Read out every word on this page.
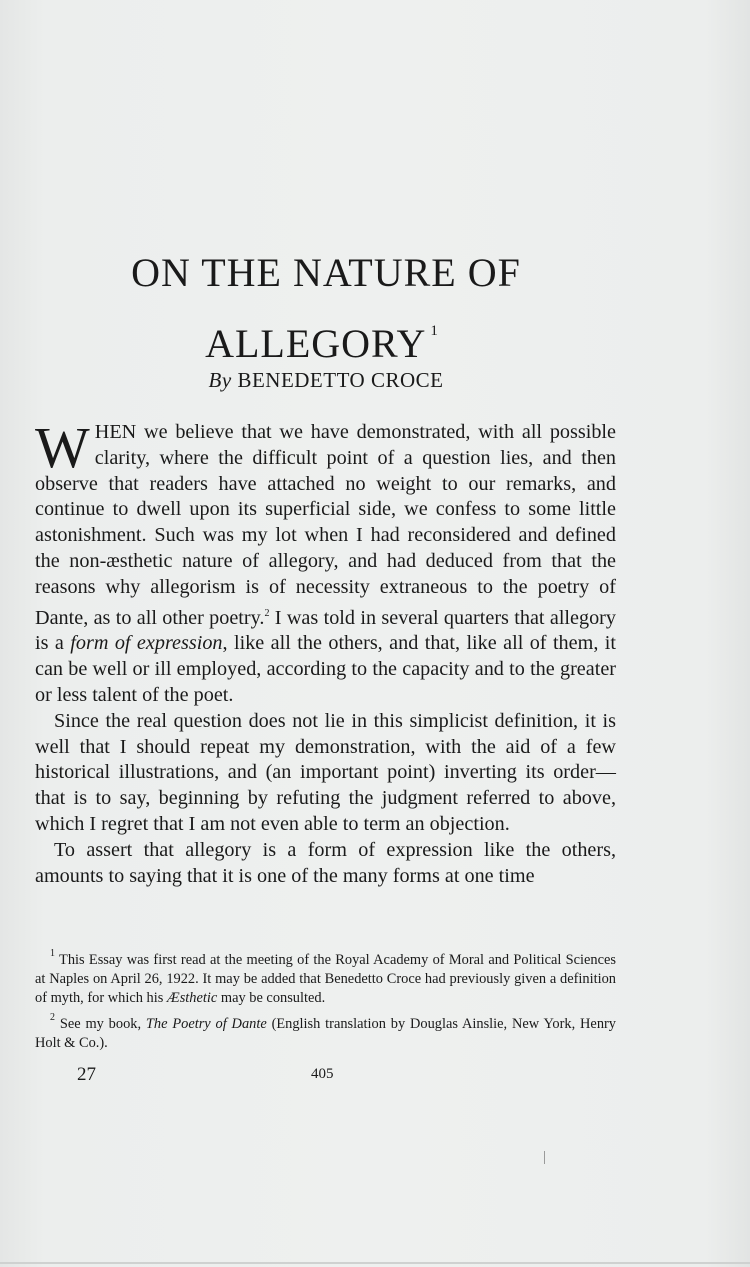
ON THE NATURE OF
ALLEGORY $^1$
By BENEDETTO CROCE

WHEN we believe that we have demonstrated, with all possible clarity, where the difficult point of a question lies, and then observe that readers have attached no weight to our remarks, and continue to dwell upon its superficial side, we confess to some little astonishment. Such was my lot when I had reconsidered and defined the non-æsthetic nature of allegory, and had deduced from that the reasons why allegorism is of necessity extraneous to the poetry of Dante, as to all other poetry.$^2$ I was told in several quarters that allegory is a form of expression, like all the others, and that, like all of them, it can be well or ill employed, according to the capacity and to the greater or less talent of the poet.

Since the real question does not lie in this simplicist definition, it is well that I should repeat my demonstration, with the aid of a few historical illustrations, and (an important point) inverting its order—that is to say, beginning by refuting the judgment referred to above, which I regret that I am not even able to term an objection.

To assert that allegory is a form of expression like the others, amounts to saying that it is one of the many forms at one time

$^1$ This Essay was first read at the meeting of the Royal Academy of Moral and Political Sciences at Naples on April 26, 1922. It may be added that Benedetto Croce had previously given a definition of myth, for which his Æsthetic may be consulted.

$^2$ See my book, The Poetry of Dante (English translation by Douglas Ainslie, New York, Henry Holt & Co.).

27	405
